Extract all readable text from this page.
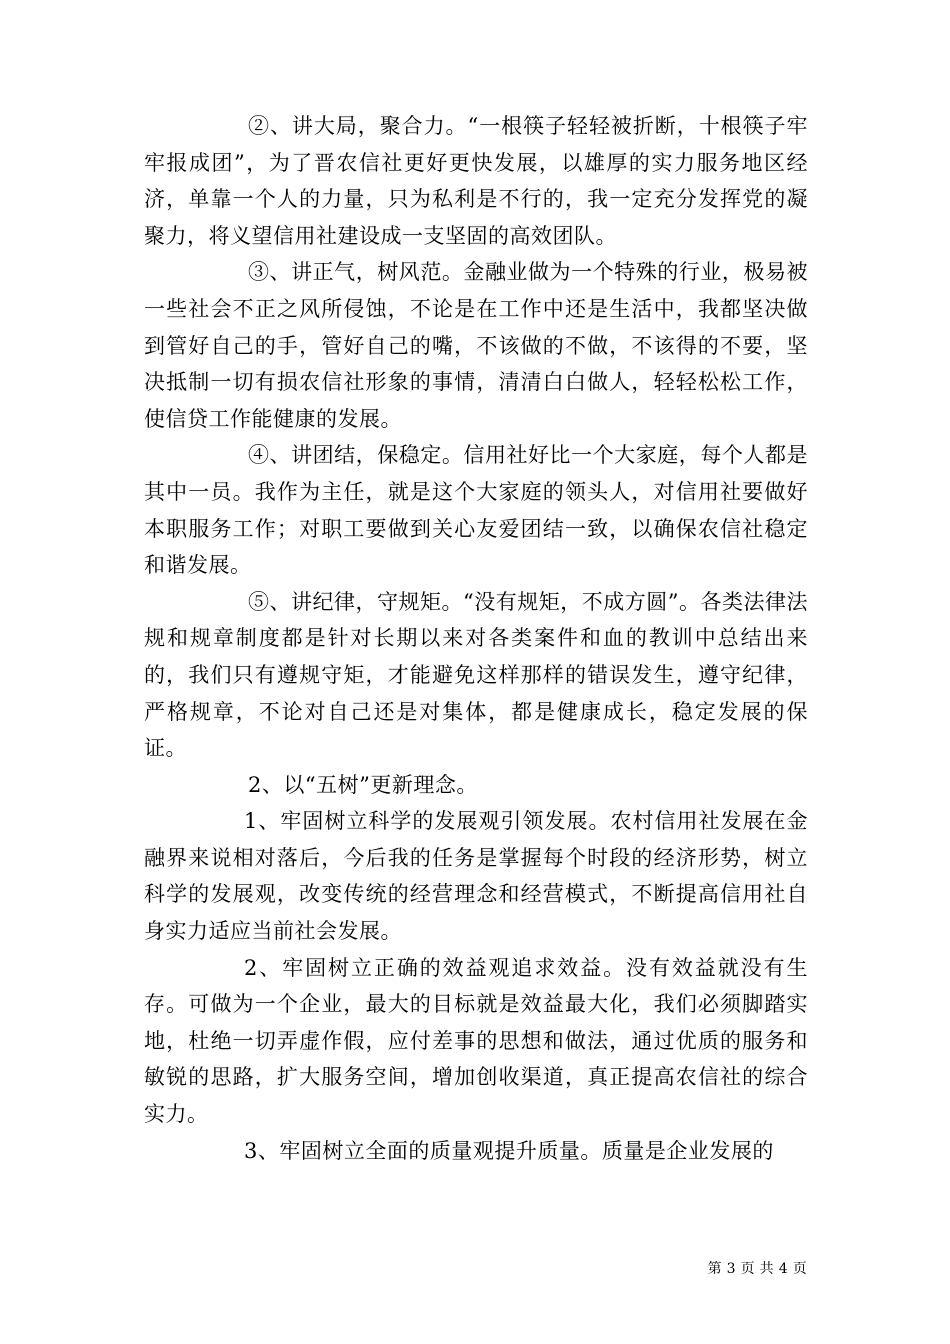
②、讲大局，聚合力。“一根筷子轻轻被折断，十根筷子牢牢报成团”，为了晋农信社更好更快发展，以雄厚的实力服务地区经济，单靠一个人的力量，只为私利是不行的，我一定充分发挥党的凝聚力，将义望信用社建设成一支坚固的高效团队。

③、讲正气，树风范。金融业做为一个特殊的行业，极易被一些社会不正之风所侵蚀，不论是在工作中还是生活中，我都坚决做到管好自己的手，管好自己的嘴，不该做的不做，不该得的不要，坚决抵制一切有损农信社形象的事情，清清白白做人，轻轻松松工作，使信贷工作能健康的发展。

④、讲团结，保稳定。信用社好比一个大家庭，每个人都是其中一员。我作为主任，就是这个大家庭的领头人，对信用社要做好本职服务工作；对职工要做到关心友爱团结一致，以确保农信社稳定和谐发展。

⑤、讲纪律，守规矩。“没有规矩，不成方圆”。各类法律法规和规章制度都是针对长期以来对各类案件和血的教训中总结出来的，我们只有遵规守矩，才能避免这样那样的错误发生，遵守纪律，严格规章，不论对自己还是对集体，都是健康成长，稳定发展的保证。

2、以“五树”更新理念。

1、牢固树立科学的发展观引领发展。农村信用社发展在金融界来说相对落后，今后我的任务是掌握每个时段的经济形势，树立科学的发展观，改变传统的经营理念和经营模式，不断提高信用社自身实力适应当前社会发展。

2、牢固树立正确的效益观追求效益。没有效益就没有生存。可做为一个企业，最大的目标就是效益最大化，我们必须脚踏实地，杜绝一切弄虚作假，应付差事的思想和做法，通过优质的服务和敏锐的思路，扩大服务空间，增加创收渠道，真正提高农信社的综合实力。

3、牢固树立全面的质量观提升质量。质量是企业发展的

第 3 页 共 4 页
